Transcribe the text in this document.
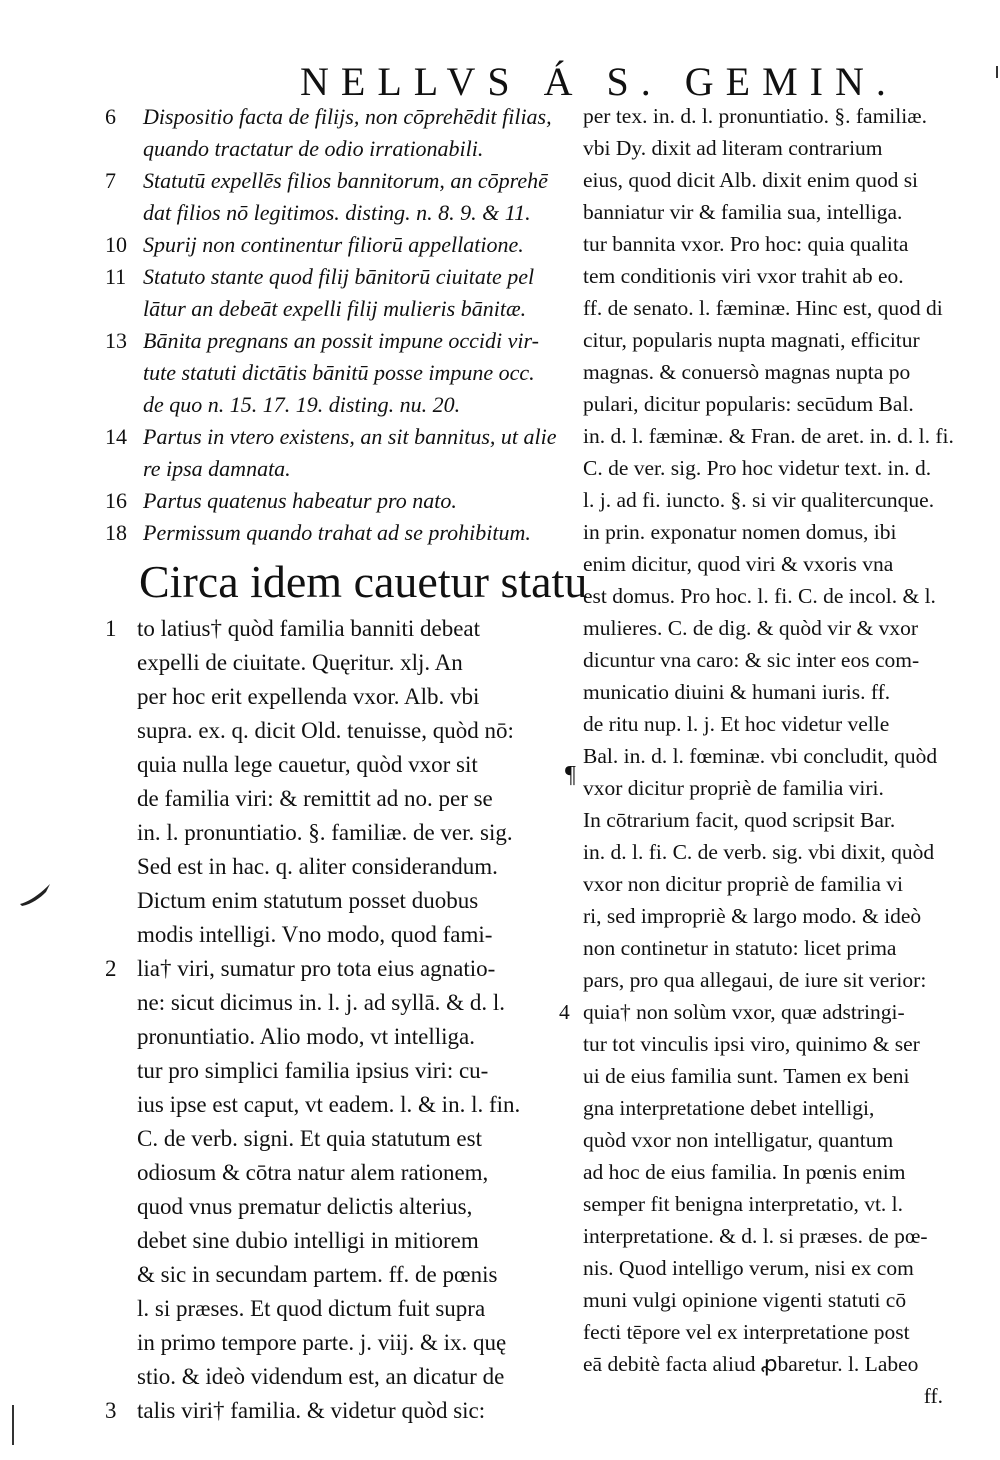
NELLVS Á S. GEMIN.
6	Dispositio facta de filijs, non cōprehēdit filias,
quando tractatur de odio irrationabili.
7	Statutū expellēs filios bannitorum, an cōprehē
dat filios nō legitimos. disting. n. 8. 9. & 11.
10 Spurij non continentur filiorū appellatione.
11 Statuto stante quod filij bānitorū ciuitate pel
lātur an debeāt expelli filij mulieris bānitæ.
13 Bānita pregnans an possit impune occidi vir-
tute statuti dictātis bānitū posse impune occ.
de quo n. 15. 17. 19. disting. nu. 20.
14 Partus in vtero existens, an sit bannitus, ut alie
re ipsa damnata.
16 Partus quatenus habeatur pro nato.
18 Permissum quando trahat ad se prohibitum.
Circa idem cauetur statu
1 to latius† quòd familia banniti debeat
expelli de ciuitate. Quęritur. xlj. An
per hoc erit expellenda vxor. Alb. vbi
supra. ex. q. dicit Old. tenuisse, quòd nō:
quia nulla lege cauetur, quòd vxor sit
de familia viri: & remittit ad no. per se
in. l. pronuntiatio. §. familiæ. de ver. sig.
Sed est in hac. q. aliter considerandum.
Dictum enim statutum posset duobus
modis intelligi. Vno modo, quod fami-
2 lia† viri, sumatur pro tota eius agnatio-
ne: sicut dicimus in. l. j. ad syllā. & d. l.
pronuntiatio. Alio modo, vt intelliga.
tur pro simplici familia ipsius viri: cu-
ius ipse est caput, vt eadem. l. & in. l. fin.
C. de verb. signi. Et quia statutum est
odiosum & cōtra natur alem rationem,
quod vnus prematur delictis alterius,
debet sine dubio intelligi in mitiorem
& sic in secundam partem. ff. de pœnis
l. si præses. Et quod dictum fuit supra
in primo tempore parte. j. viij. & ix. quę
stio. & ideò videndum est, an dicatur de
3 talis viri† familia. & videtur quòd sic:
¶
per tex. in. d. l. pronuntiatio. §. familiæ.
vbi Dy. dixit ad literam contrarium
eius, quod dicit Alb. dixit enim quod si
banniatur vir & familia sua, intelliga.
tur bannita vxor. Pro hoc: quia qualita
tem conditionis viri vxor trahit ab eo.
ff. de senato. l. fæminæ. Hinc est, quod di
citur, popularis nupta magnati, efficitur
magnas. & conuersò magnas nupta po
pulari, dicitur popularis: secūdum Bal.
in. d. l. fæminæ. & Fran. de aret. in. d. l. fi.
C. de ver. sig. Pro hoc videtur text. in. d.
l. j. ad fi. iuncto. §. si vir qualitercunque.
in prin. exponatur nomen domus, ibi
enim dicitur, quod viri & vxoris vna
est domus. Pro hoc. l. fi. C. de incol. & l.
mulieres. C. de dig. & quòd vir & vxor
dicuntur vna caro: & sic inter eos com-
municatio diuini & humani iuris. ff.
de ritu nup. l. j. Et hoc videtur velle
Bal. in. d. l. fœminæ. vbi concludit, quòd
vxor dicitur propriè de familia viri.
In cōtrarium facit, quod scripsit Bar.
in. d. l. fi. C. de verb. sig. vbi dixit, quòd
vxor non dicitur propriè de familia vi
ri, sed impropriè & largo modo. & ideò
non continetur in statuto: licet prima
pars, pro qua allegaui, de iure sit verior:
4 quia† non solùm vxor, quæ adstringi-
tur tot vinculis ipsi viro, quinimo & ser
ui de eius familia sunt. Tamen ex beni
gna interpretatione debet intelligi,
quòd vxor non intelligatur, quantum
ad hoc de eius familia. In pœnis enim
semper fit benigna interpretatio, vt. l.
interpretatione. & d. l. si præses. de pœ-
nis. Quod intelligo verum, nisi ex com
muni vulgi opinione vigenti statuti cō
fecti tēpore vel ex interpretatione post
eā debitè facta aliud ꝓbaretur. l. Labeo
ff.
